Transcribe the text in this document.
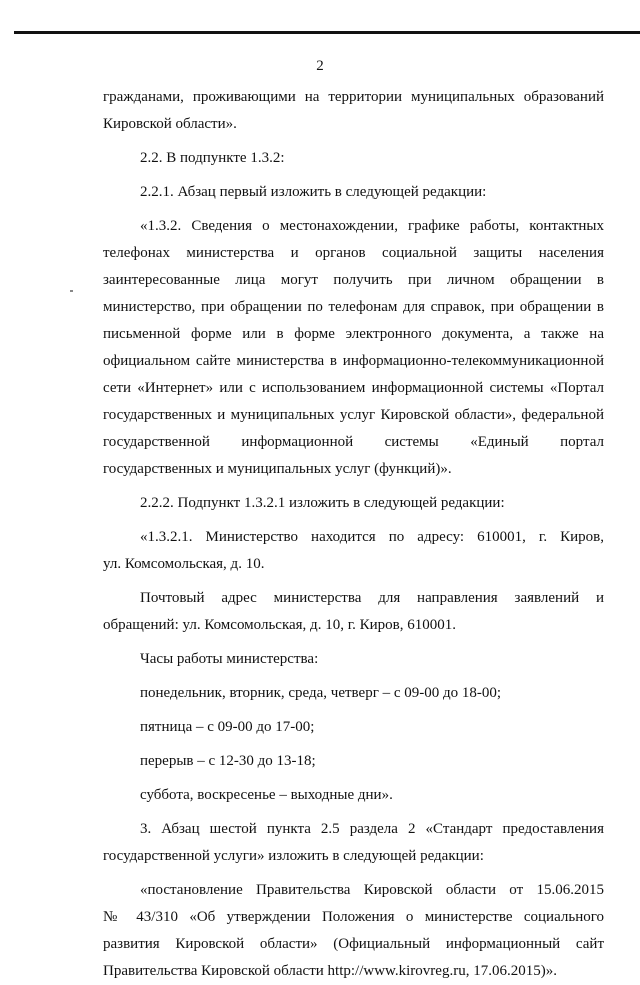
2

гражданами, проживающими на территории муниципальных образований

Кировской области».

2.2. В подпункте 1.3.2:

2.2.1. Абзац первый изложить в следующей редакции:

«1.3.2. Сведения о местонахождении, графике работы, контактных

телефонах министерства и органов социальной защиты населения

заинтересованные лица могут получить при личном обращении в

министерство, при обращении по телефонам для справок, при обращении в

письменной форме или в форме электронного документа, а также на

официальном сайте министерства в информационно-телекоммуникационной

сети «Интернет» или с использованием информационной системы «Портал

государственных и муниципальных услуг Кировской области», федеральной

государственной информационной системы «Единый портал

государственных и муниципальных услуг (функций)».

2.2.2. Подпункт 1.3.2.1 изложить в следующей редакции:

«1.3.2.1. Министерство находится по адресу: 610001, г. Киров,

ул. Комсомольская, д. 10.

Почтовый адрес министерства для направления заявлений и

обращений: ул. Комсомольская, д. 10, г. Киров, 610001.

Часы работы министерства:

понедельник, вторник, среда, четверг – с 09-00 до 18-00;

пятница – с 09-00 до 17-00;

перерыв – с 12-30 до 13-18;

суббота, воскресенье – выходные дни».

3. Абзац шестой пункта 2.5 раздела 2 «Стандарт предоставления

государственной услуги» изложить в следующей редакции:

«постановление Правительства Кировской области от 15.06.2015

№ 43/310 «Об утверждении Положения о министерстве социального

развития Кировской области» (Официальный информационный сайт

Правительства Кировской области http://www.kirovreg.ru, 17.06.2015)».
